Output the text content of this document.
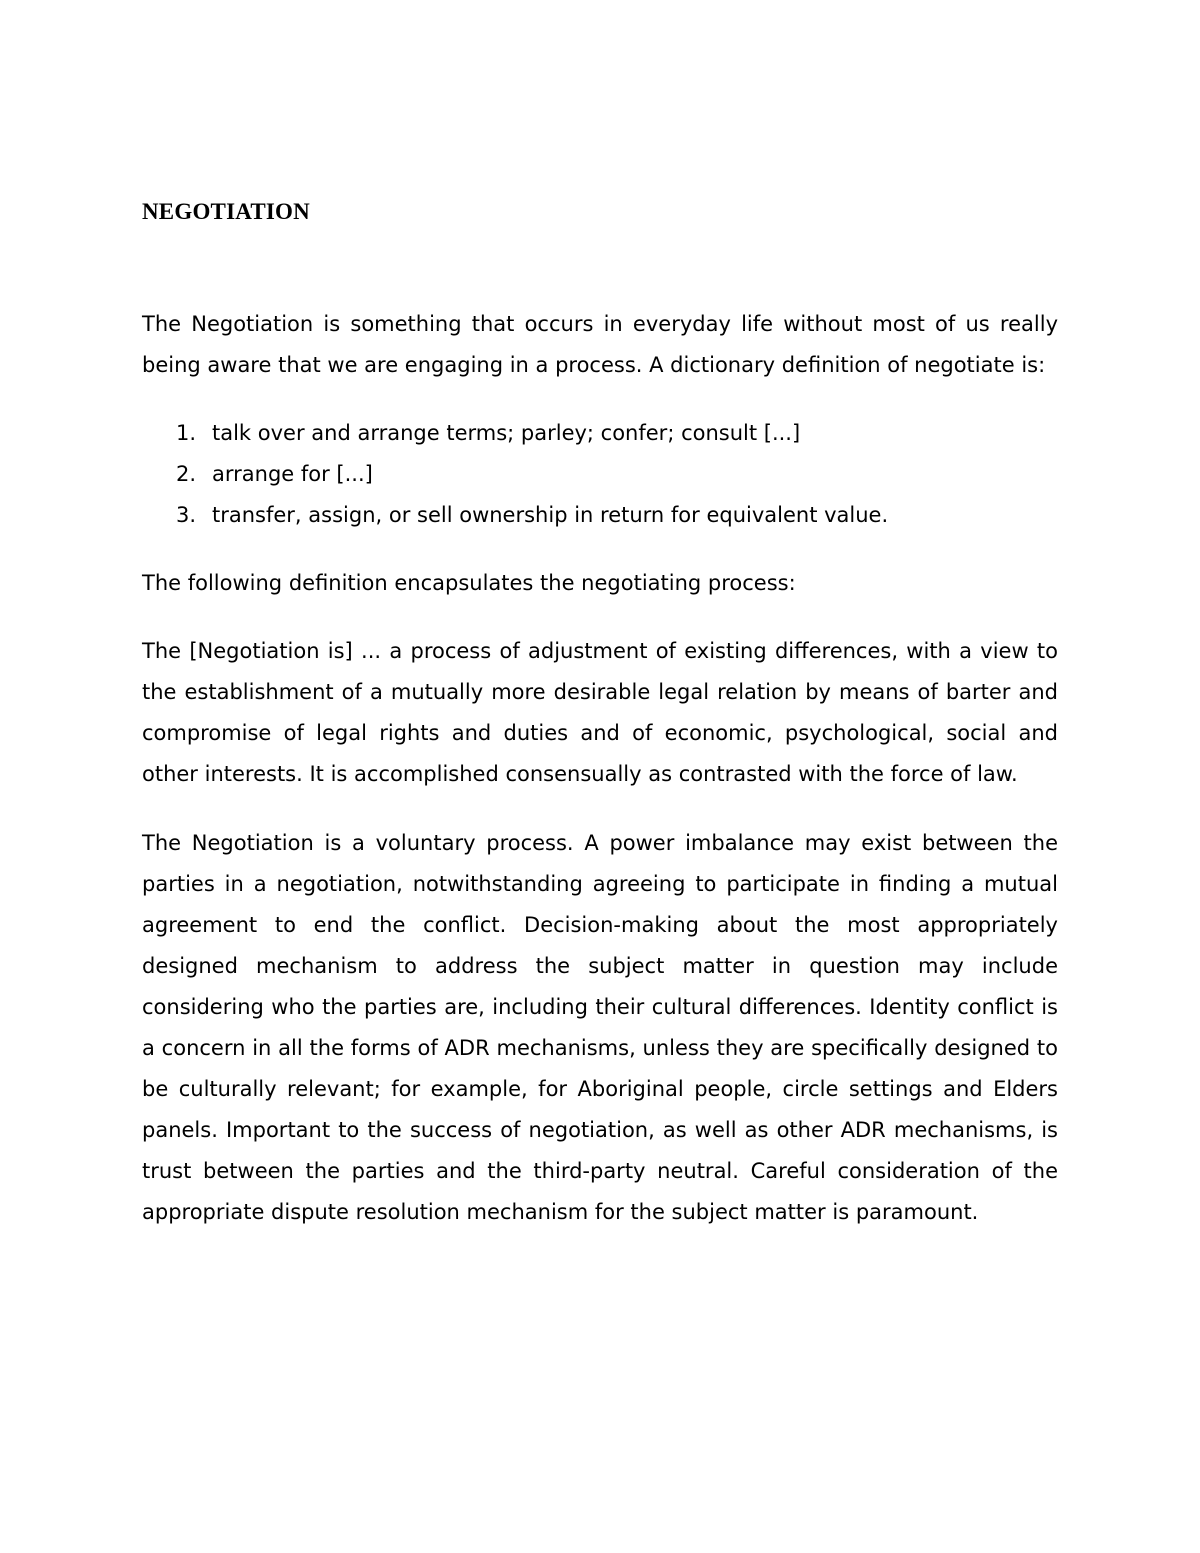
NEGOTIATION

The Negotiation is something that occurs in everyday life without most of us really being aware that we are engaging in a process. A dictionary definition of negotiate is:

1. talk over and arrange terms; parley; confer; consult [...]
2. arrange for [...]
3. transfer, assign, or sell ownership in return for equivalent value.

The following definition encapsulates the negotiating process:

The [Negotiation is] ... a process of adjustment of existing differences, with a view to the establishment of a mutually more desirable legal relation by means of barter and compromise of legal rights and duties and of economic, psychological, social and other interests. It is accomplished consensually as contrasted with the force of law.

The Negotiation is a voluntary process. A power imbalance may exist between the parties in a negotiation, notwithstanding agreeing to participate in finding a mutual agreement to end the conflict. Decision-making about the most appropriately designed mechanism to address the subject matter in question may include considering who the parties are, including their cultural differences. Identity conflict is a concern in all the forms of ADR mechanisms, unless they are specifically designed to be culturally relevant; for example, for Aboriginal people, circle settings and Elders panels. Important to the success of negotiation, as well as other ADR mechanisms, is trust between the parties and the third-party neutral. Careful consideration of the appropriate dispute resolution mechanism for the subject matter is paramount.
